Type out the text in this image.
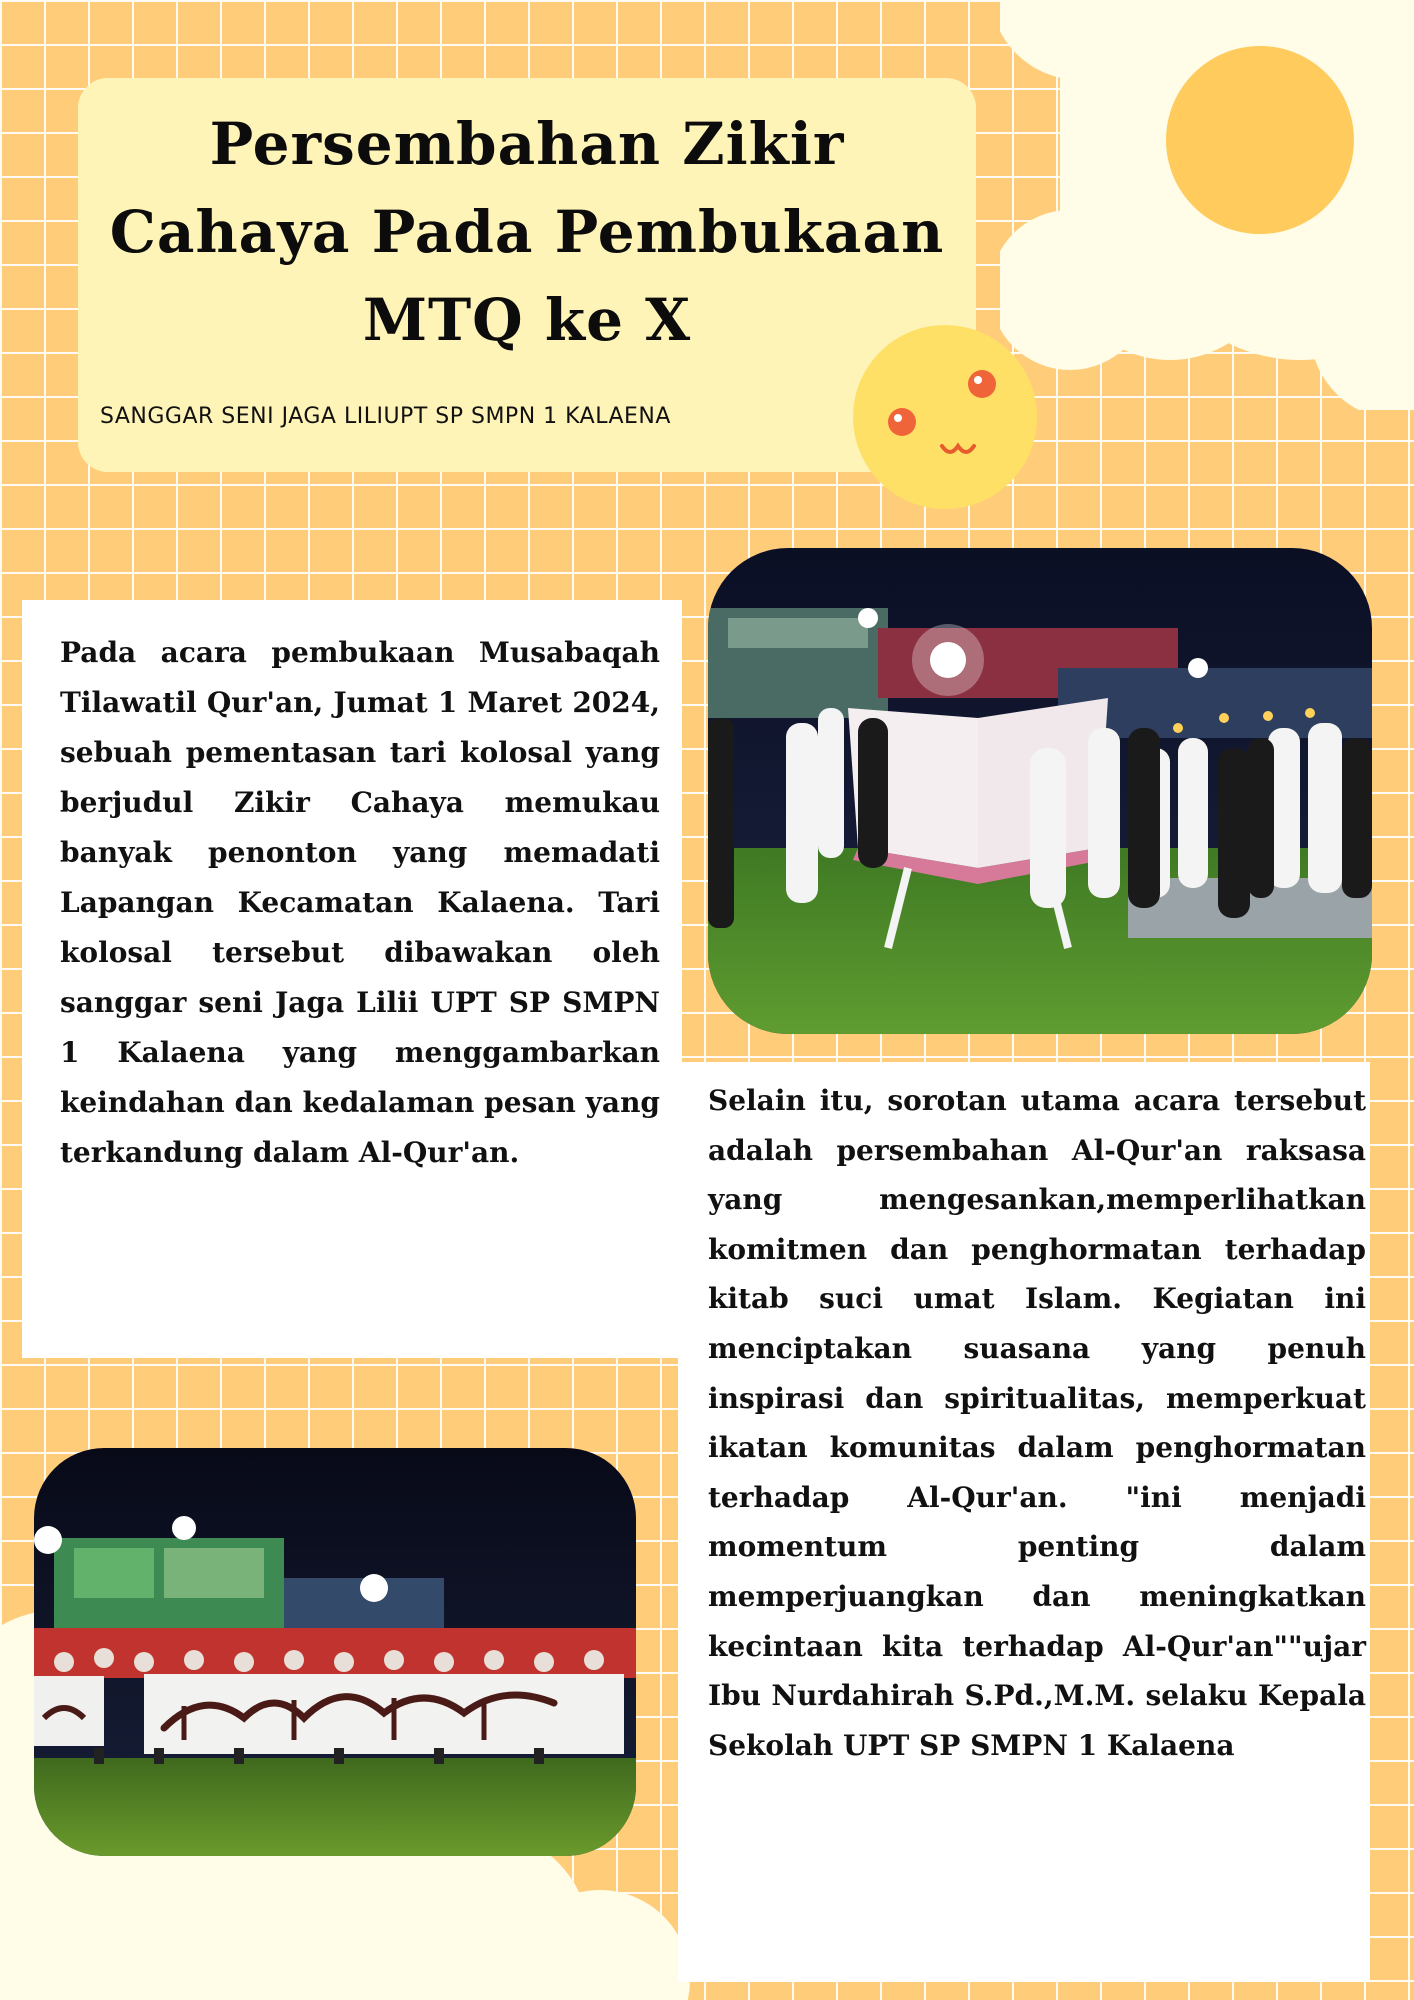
Persembahan Zikir
Cahaya Pada Pembukaan
MTQ ke X
SANGGAR SENI JAGA LILIUPT SP SMPN 1 KALAENA

Pada acara pembukaan Musabaqah Tilawatil Qur'an, Jumat 1 Maret 2024, sebuah pementasan tari kolosal yang berjudul Zikir Cahaya memukau banyak penonton yang memadati Lapangan Kecamatan Kalaena. Tari kolosal tersebut dibawakan oleh sanggar seni Jaga Lilii UPT SP SMPN 1 Kalaena yang menggambarkan keindahan dan kedalaman pesan yang terkandung dalam Al-Qur'an.

Selain itu, sorotan utama acara tersebut adalah persembahan Al-Qur'an raksasa yang mengesankan,memperlihatkan komitmen dan penghormatan terhadap kitab suci umat Islam. Kegiatan ini menciptakan suasana yang penuh inspirasi dan spiritualitas, memperkuat ikatan komunitas dalam penghormatan terhadap Al-Qur'an. "ini menjadi momentum penting dalam memperjuangkan dan meningkatkan kecintaan kita terhadap Al-Qur'an""ujar Ibu Nurdahirah S.Pd.,M.M. selaku Kepala Sekolah UPT SP SMPN 1 Kalaena
